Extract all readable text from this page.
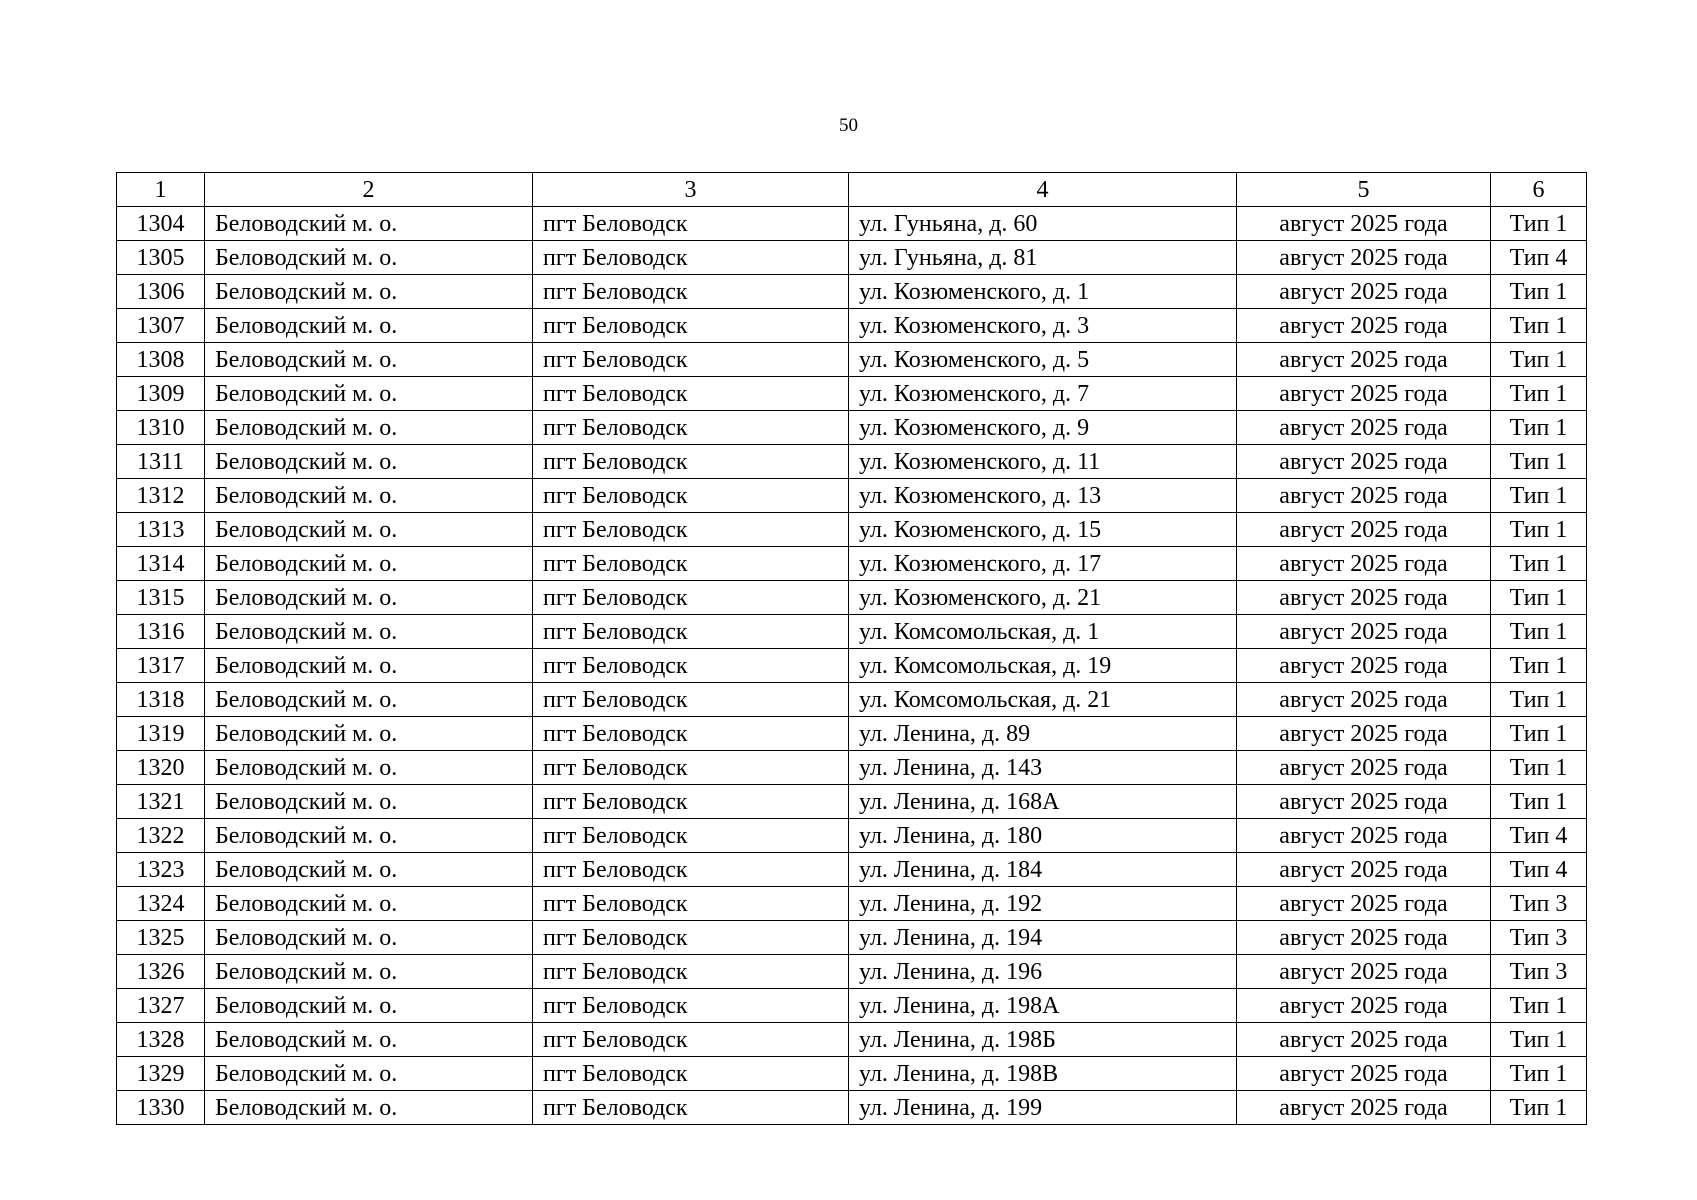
50
1	2	3	4	5	6
1304	Беловодский м. о.	пгт Беловодск	ул. Гуньяна, д. 60	август 2025 года	Тип 1
1305	Беловодский м. о.	пгт Беловодск	ул. Гуньяна, д. 81	август 2025 года	Тип 4
1306	Беловодский м. о.	пгт Беловодск	ул. Козюменского, д. 1	август 2025 года	Тип 1
1307	Беловодский м. о.	пгт Беловодск	ул. Козюменского, д. 3	август 2025 года	Тип 1
1308	Беловодский м. о.	пгт Беловодск	ул. Козюменского, д. 5	август 2025 года	Тип 1
1309	Беловодский м. о.	пгт Беловодск	ул. Козюменского, д. 7	август 2025 года	Тип 1
1310	Беловодский м. о.	пгт Беловодск	ул. Козюменского, д. 9	август 2025 года	Тип 1
1311	Беловодский м. о.	пгт Беловодск	ул. Козюменского, д. 11	август 2025 года	Тип 1
1312	Беловодский м. о.	пгт Беловодск	ул. Козюменского, д. 13	август 2025 года	Тип 1
1313	Беловодский м. о.	пгт Беловодск	ул. Козюменского, д. 15	август 2025 года	Тип 1
1314	Беловодский м. о.	пгт Беловодск	ул. Козюменского, д. 17	август 2025 года	Тип 1
1315	Беловодский м. о.	пгт Беловодск	ул. Козюменского, д. 21	август 2025 года	Тип 1
1316	Беловодский м. о.	пгт Беловодск	ул. Комсомольская, д. 1	август 2025 года	Тип 1
1317	Беловодский м. о.	пгт Беловодск	ул. Комсомольская, д. 19	август 2025 года	Тип 1
1318	Беловодский м. о.	пгт Беловодск	ул. Комсомольская, д. 21	август 2025 года	Тип 1
1319	Беловодский м. о.	пгт Беловодск	ул. Ленина, д. 89	август 2025 года	Тип 1
1320	Беловодский м. о.	пгт Беловодск	ул. Ленина, д. 143	август 2025 года	Тип 1
1321	Беловодский м. о.	пгт Беловодск	ул. Ленина, д. 168А	август 2025 года	Тип 1
1322	Беловодский м. о.	пгт Беловодск	ул. Ленина, д. 180	август 2025 года	Тип 4
1323	Беловодский м. о.	пгт Беловодск	ул. Ленина, д. 184	август 2025 года	Тип 4
1324	Беловодский м. о.	пгт Беловодск	ул. Ленина, д. 192	август 2025 года	Тип 3
1325	Беловодский м. о.	пгт Беловодск	ул. Ленина, д. 194	август 2025 года	Тип 3
1326	Беловодский м. о.	пгт Беловодск	ул. Ленина, д. 196	август 2025 года	Тип 3
1327	Беловодский м. о.	пгт Беловодск	ул. Ленина, д. 198А	август 2025 года	Тип 1
1328	Беловодский м. о.	пгт Беловодск	ул. Ленина, д. 198Б	август 2025 года	Тип 1
1329	Беловодский м. о.	пгт Беловодск	ул. Ленина, д. 198В	август 2025 года	Тип 1
1330	Беловодский м. о.	пгт Беловодск	ул. Ленина, д. 199	август 2025 года	Тип 1
